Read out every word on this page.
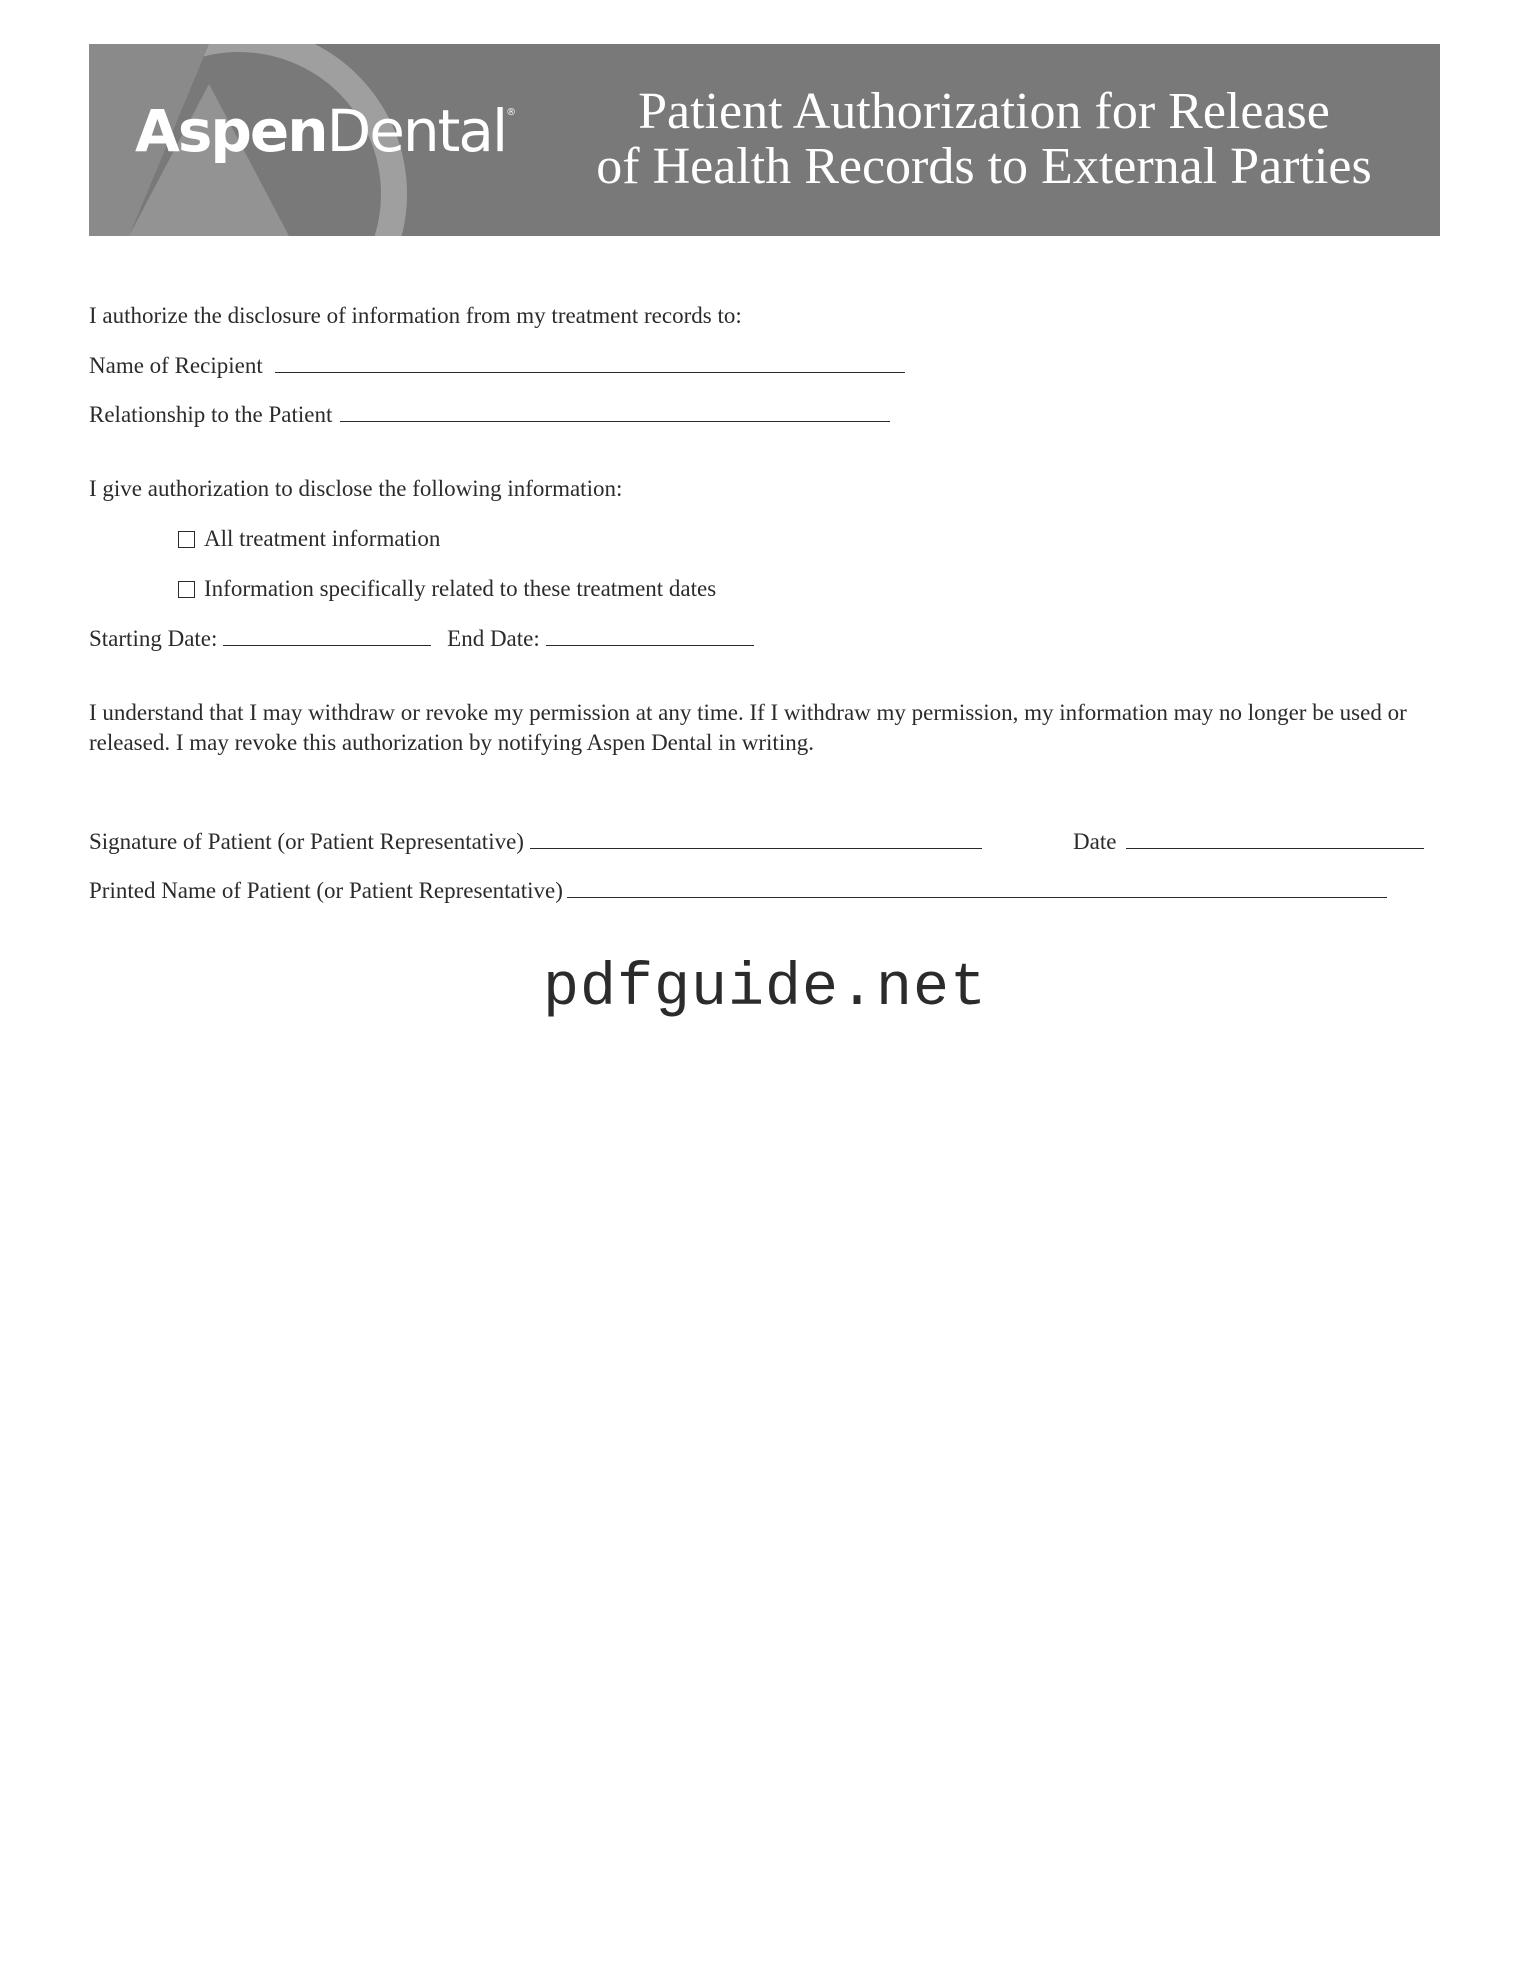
AspenDental®	Patient Authorization for Release
of Health Records to External Parties
I authorize the disclosure of information from my treatment records to:
Name of Recipient
Relationship to the Patient
I give authorization to disclose the following information:
All treatment information
Information specifically related to these treatment dates
Starting Date:	End Date:
I understand that I may withdraw or revoke my permission at any time. If I withdraw my permission, my information may no longer be used or released. I may revoke this authorization by notifying Aspen Dental in writing.
Signature of Patient (or Patient Representative)	Date
Printed Name of Patient (or Patient Representative)
pdfguide.net
